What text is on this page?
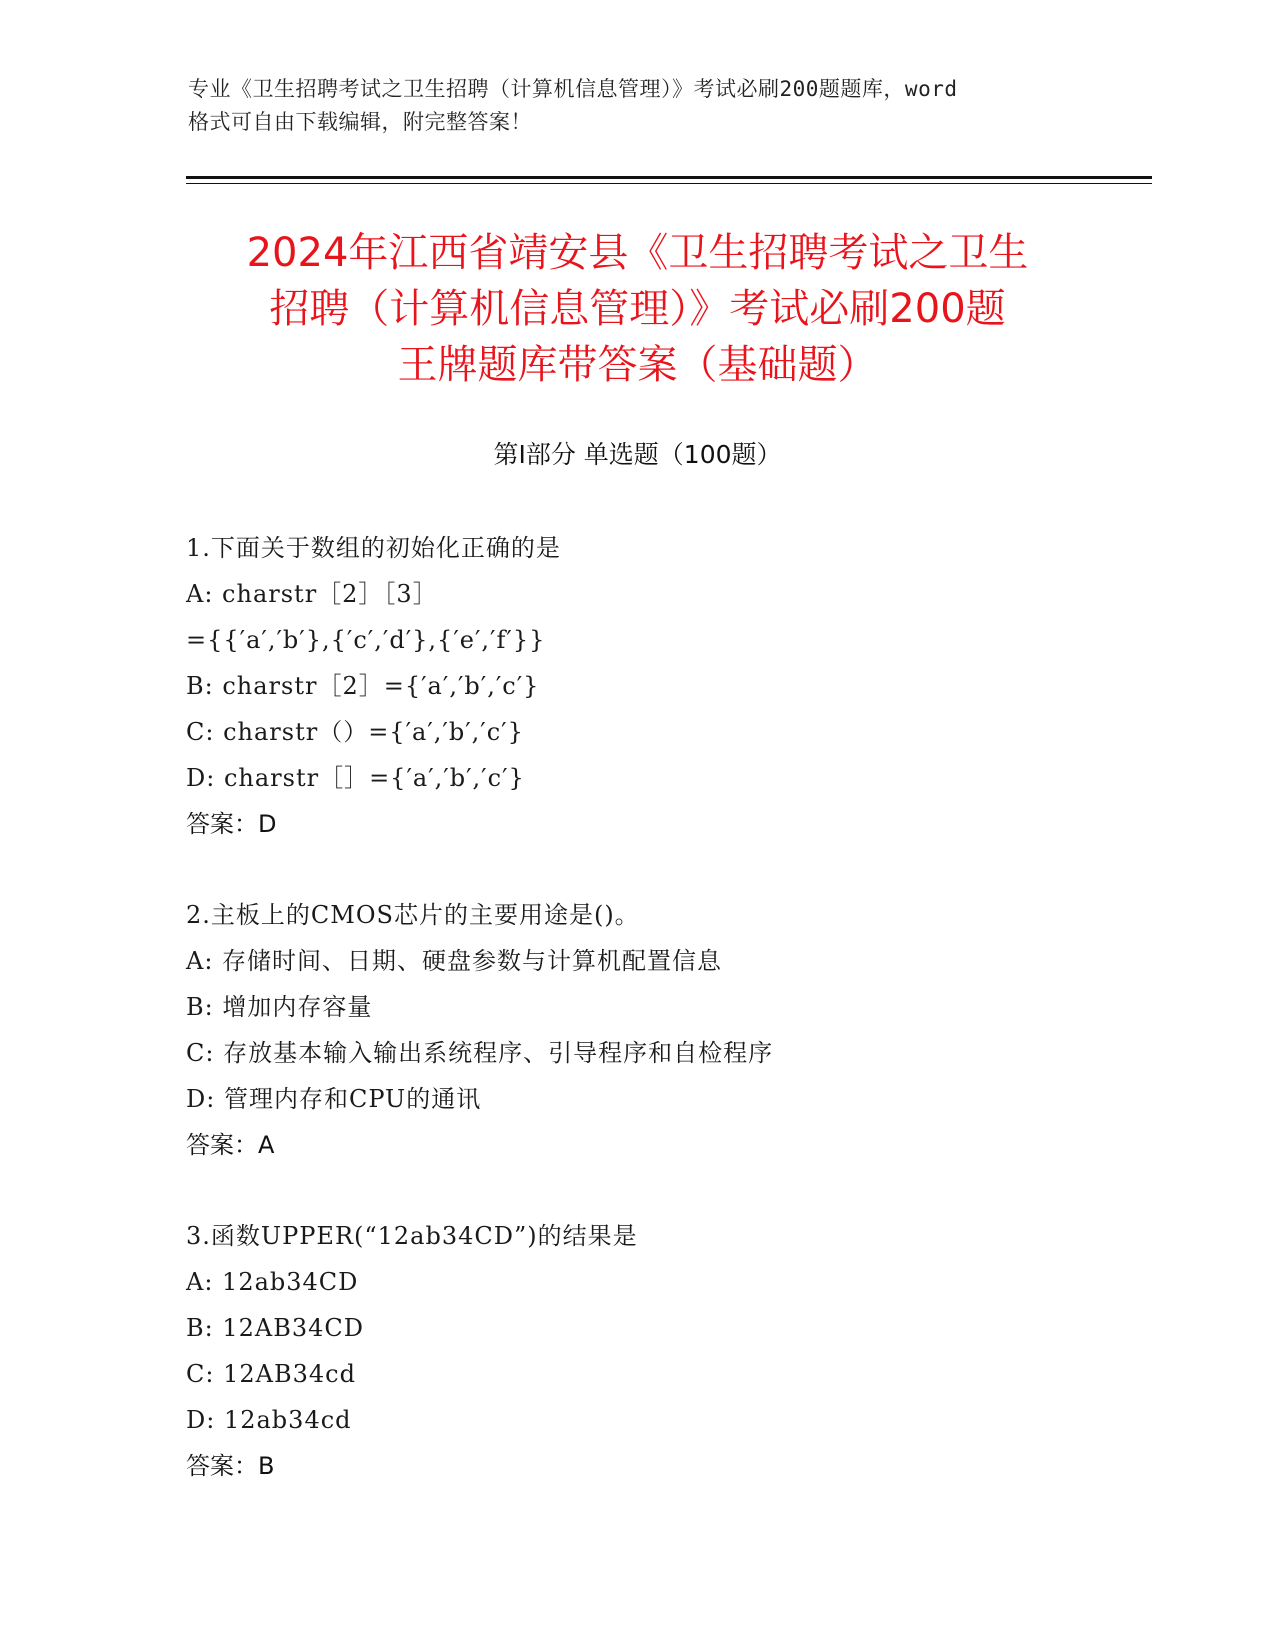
专业《卫生招聘考试之卫生招聘（计算机信息管理）》考试必刷200题题库，word
格式可自由下载编辑，附完整答案！
2024年江西省靖安县《卫生招聘考试之卫生
招聘（计算机信息管理）》考试必刷200题
王牌题库带答案（基础题）
第Ⅰ部分 单选题（100题）
1.下面关于数组的初始化正确的是
A: charstr［2］［3］
={{′a′,′b′},{′c′,′d′},{′e′,′f′}}
B: charstr［2］={′a′,′b′,′c′}
C: charstr（）={′a′,′b′,′c′}
D: charstr［］={′a′,′b′,′c′}
答案：D
2.主板上的CMOS芯片的主要用途是()。
A: 存储时间、日期、硬盘参数与计算机配置信息
B: 增加内存容量
C: 存放基本输入输出系统程序、引导程序和自检程序
D: 管理内存和CPU的通讯
答案：A
3.函数UPPER(“12ab34CD”)的结果是
A: 12ab34CD
B: 12AB34CD
C: 12AB34cd
D: 12ab34cd
答案：B
